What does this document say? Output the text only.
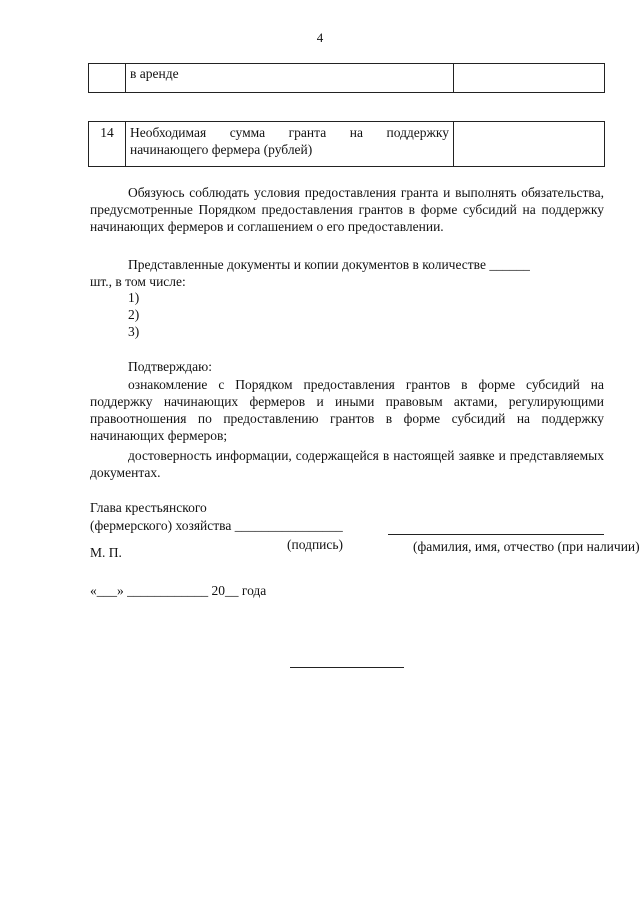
4
	в аренде	
14	Необходимая сумма гранта на поддержку
начинающего фермера (рублей)

Обязуюсь соблюдать условия предоставления гранта и выполнять обязательства, предусмотренные Порядком предоставления грантов в форме субсидий на поддержку начинающих фермеров и соглашением о его предоставлении.
Представленные документы и копии документов в количестве ______
шт., в том числе:
1)
2)
3)
Подтверждаю:
ознакомление с Порядком предоставления грантов в форме субсидий на поддержку начинающих фермеров и иными правовым актами, регулирующими правоотношения по предоставлению грантов в форме субсидий на поддержку начинающих фермеров;
достоверность информации, содержащейся в настоящей заявке и представляемых документах.
Глава крестьянского
(фермерского) хозяйства ________________
(подпись)	(фамилия, имя, отчество (при наличии)
М. П.
«___» ____________ 20__ года
